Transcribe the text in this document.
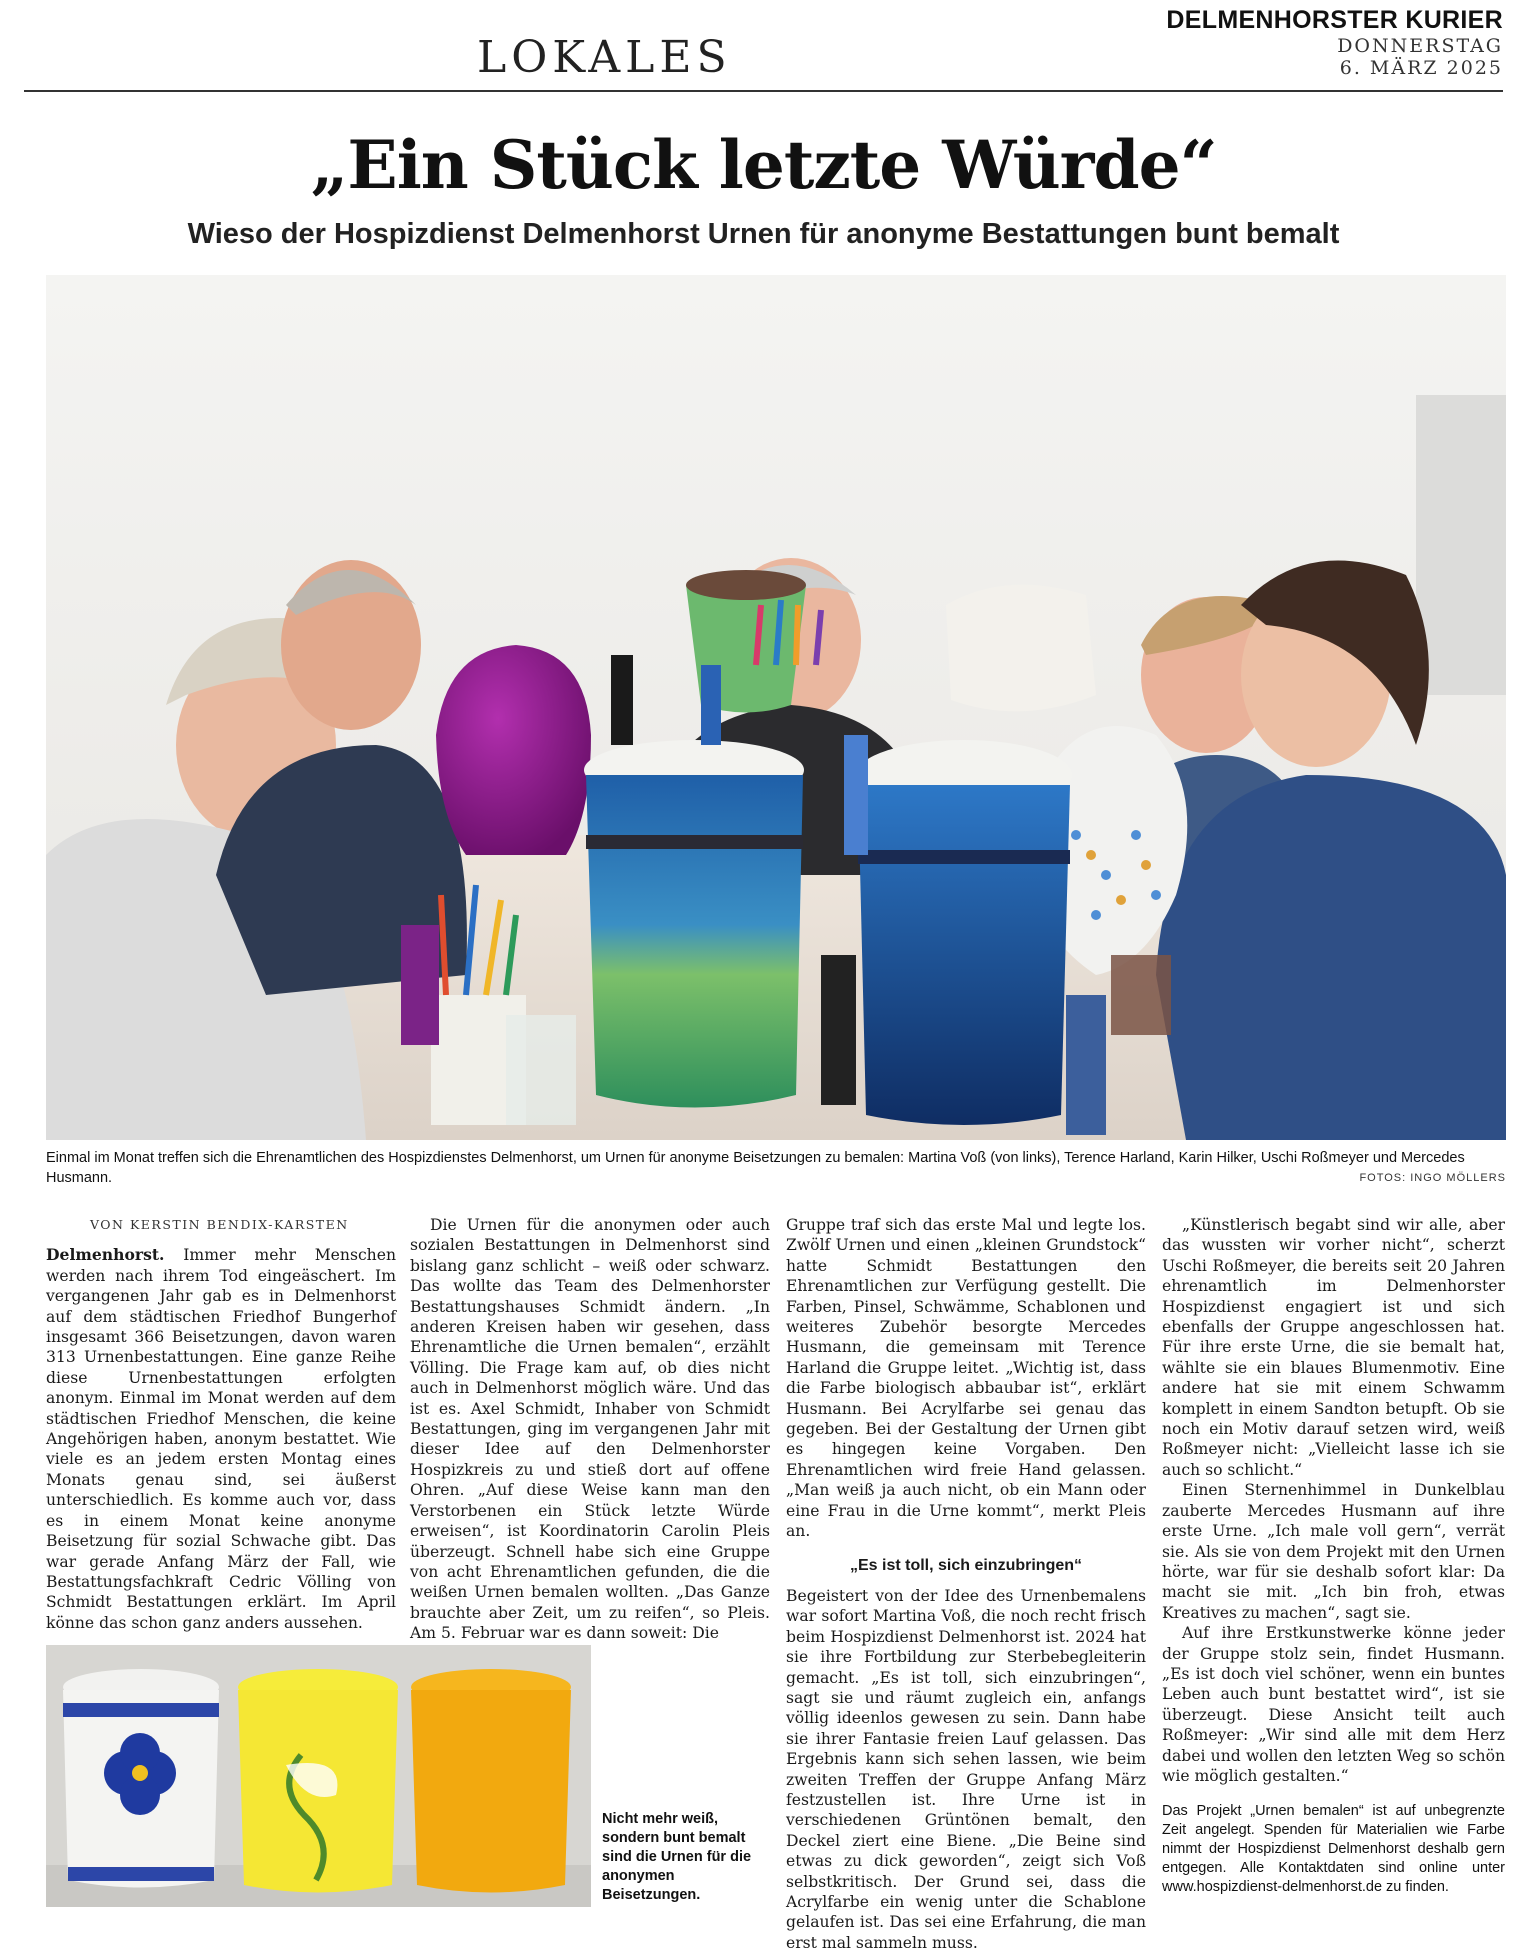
LOKALES
DELMENHORSTER KURIER
DONNERSTAG
6. MÄRZ 2025
„Ein Stück letzte Würde“
Wieso der Hospizdienst Delmenhorst Urnen für anonyme Bestattungen bunt bemalt
Einmal im Monat treffen sich die Ehrenamtlichen des Hospizdienstes Delmenhorst, um Urnen für anonyme Beisetzungen zu bemalen: Martina Voß (von links), Terence Harland, Karin Hilker, Uschi Roßmeyer und Mercedes Husmann.	FOTOS: INGO MÖLLERS
VON KERSTIN BENDIX-KARSTEN

Delmenhorst. Immer mehr Menschen werden nach ihrem Tod eingeäschert. Im vergangenen Jahr gab es in Delmenhorst auf dem städtischen Friedhof Bungerhof insgesamt 366 Beisetzungen, davon waren 313 Urnenbestattungen. Eine ganze Reihe diese Urnenbestattungen erfolgten anonym. Einmal im Monat werden auf dem städtischen Friedhof Menschen, die keine Angehörigen haben, anonym bestattet. Wie viele es an jedem ersten Montag eines Monats genau sind, sei äußerst unterschiedlich. Es komme auch vor, dass es in einem Monat keine anonyme Beisetzung für sozial Schwache gibt. Das war gerade Anfang März der Fall, wie Bestattungsfachkraft Cedric Völling von Schmidt Bestattungen erklärt. Im April könne das schon ganz anders aussehen.

Die Urnen für die anonymen oder auch sozialen Bestattungen in Delmenhorst sind bislang ganz schlicht – weiß oder schwarz. Das wollte das Team des Delmenhorster Bestattungshauses Schmidt ändern. „In anderen Kreisen haben wir gesehen, dass Ehrenamtliche die Urnen bemalen“, erzählt Völling. Die Frage kam auf, ob dies nicht auch in Delmenhorst möglich wäre. Und das ist es. Axel Schmidt, Inhaber von Schmidt Bestattungen, ging im vergangenen Jahr mit dieser Idee auf den Delmenhorster Hospizkreis zu und stieß dort auf offene Ohren. „Auf diese Weise kann man den Verstorbenen ein Stück letzte Würde erweisen“, ist Koordinatorin Carolin Pleis überzeugt. Schnell habe sich eine Gruppe von acht Ehrenamtlichen gefunden, die die weißen Urnen bemalen wollten. „Das Ganze brauchte aber Zeit, um zu reifen“, so Pleis. Am 5. Februar war es dann soweit: Die

Gruppe traf sich das erste Mal und legte los. Zwölf Urnen und einen „kleinen Grundstock“ hatte Schmidt Bestattungen den Ehrenamtlichen zur Verfügung gestellt. Die Farben, Pinsel, Schwämme, Schablonen und weiteres Zubehör besorgte Mercedes Husmann, die gemeinsam mit Terence Harland die Gruppe leitet. „Wichtig ist, dass die Farbe biologisch abbaubar ist“, erklärt Husmann. Bei Acrylfarbe sei genau das gegeben. Bei der Gestaltung der Urnen gibt es hingegen keine Vorgaben. Den Ehrenamtlichen wird freie Hand gelassen. „Man weiß ja auch nicht, ob ein Mann oder eine Frau in die Urne kommt“, merkt Pleis an.

„Es ist toll, sich einzubringen“

Begeistert von der Idee des Urnenbemalens war sofort Martina Voß, die noch recht frisch beim Hospizdienst Delmenhorst ist. 2024 hat sie ihre Fortbildung zur Sterbebegleiterin gemacht. „Es ist toll, sich einzubringen“, sagt sie und räumt zugleich ein, anfangs völlig ideenlos gewesen zu sein. Dann habe sie ihrer Fantasie freien Lauf gelassen. Das Ergebnis kann sich sehen lassen, wie beim zweiten Treffen der Gruppe Anfang März festzustellen ist. Ihre Urne ist in verschiedenen Grüntönen bemalt, den Deckel ziert eine Biene. „Die Beine sind etwas zu dick geworden“, zeigt sich Voß selbstkritisch. Der Grund sei, dass die Acrylfarbe ein wenig unter die Schablone gelaufen ist. Das sei eine Erfahrung, die man erst mal sammeln muss.

„Künstlerisch begabt sind wir alle, aber das wussten wir vorher nicht“, scherzt Uschi Roßmeyer, die bereits seit 20 Jahren ehrenamtlich im Delmenhorster Hospizdienst engagiert ist und sich ebenfalls der Gruppe angeschlossen hat. Für ihre erste Urne, die sie bemalt hat, wählte sie ein blaues Blumenmotiv. Eine andere hat sie mit einem Schwamm komplett in einem Sandton betupft. Ob sie noch ein Motiv darauf setzen wird, weiß Roßmeyer nicht: „Vielleicht lasse ich sie auch so schlicht.“

Einen Sternenhimmel in Dunkelblau zauberte Mercedes Husmann auf ihre erste Urne. „Ich male voll gern“, verrät sie. Als sie von dem Projekt mit den Urnen hörte, war für sie deshalb sofort klar: Da macht sie mit. „Ich bin froh, etwas Kreatives zu machen“, sagt sie.

Auf ihre Erstkunstwerke könne jeder der Gruppe stolz sein, findet Husmann. „Es ist doch viel schöner, wenn ein buntes Leben auch bunt bestattet wird“, ist sie überzeugt. Diese Ansicht teilt auch Roßmeyer: „Wir sind alle mit dem Herz dabei und wollen den letzten Weg so schön wie möglich gestalten.“

Das Projekt „Urnen bemalen“ ist auf unbegrenzte Zeit angelegt. Spenden für Materialien wie Farbe nimmt der Hospizdienst Delmenhorst deshalb gern entgegen. Alle Kontaktdaten sind online unter www.hospizdienst-delmenhorst.de zu finden.
Nicht mehr weiß, sondern bunt bemalt sind die Urnen für die anonymen Beisetzungen.
